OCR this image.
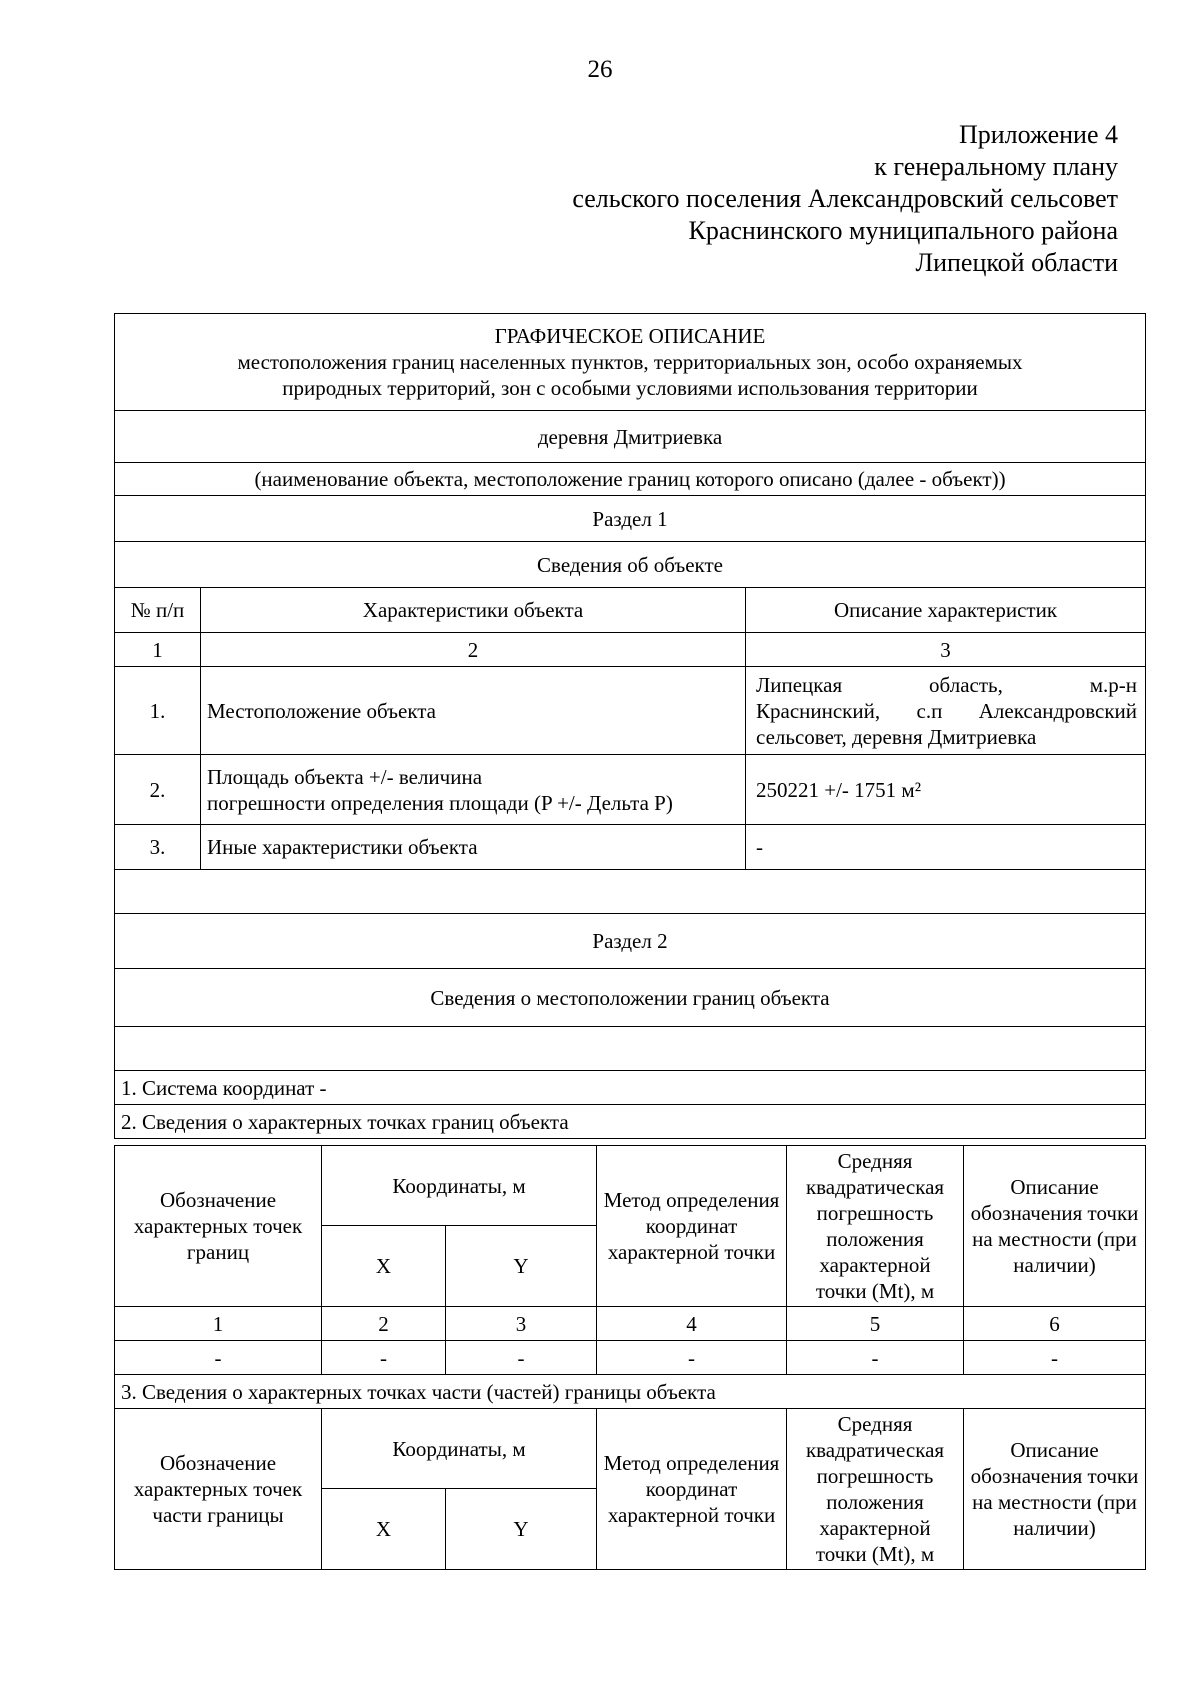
26
Приложение 4
к генеральному плану
сельского поселения Александровский сельсовет
Краснинского муниципального района
Липецкой области
ГРАФИЧЕСКОЕ ОПИСАНИЕ
местоположения границ населенных пунктов, территориальных зон, особо охраняемых
природных территорий, зон с особыми условиями использования территории		

деревня Дмитриевка		
(наименование объекта, местоположение границ которого описано (далее - объект))		
Раздел 1		
Сведения об объекте		
№ п/п	Характеристики объекта	Описание характеристик
1	2	3
1.	Местоположение объекта	Липецкая область, м.р-н
Краснинский, с.п Александровский
сельсовет, деревня Дмитриевка

2.	Площадь объекта +/- величина
погрешности определения площади (P +/- Дельта P)	250221 +/- 1751 м²
3.	Иные характеристики объекта	-

Раздел 2		
Сведения о местоположении границ объекта		

1. Система координат -		
2. Сведения о характерных точках границ объекта		
Обозначение характерных точек границ	Координаты, м		Метод определения координат характерной точки	Средняя квадратическая погрешность положения характерной точки (Mt), м	Описание обозначения точки на местности (при наличии)
	X	Y			
1	2	3	4	5	6
-	-	-	-	-	-
3. Сведения о характерных точках части (частей) границы объекта					
Обозначение характерных точек части границы	Координаты, м		Метод определения координат характерной точки	Средняя квадратическая погрешность положения характерной точки (Mt), м	Описание обозначения точки на местности (при наличии)
	X	Y			
